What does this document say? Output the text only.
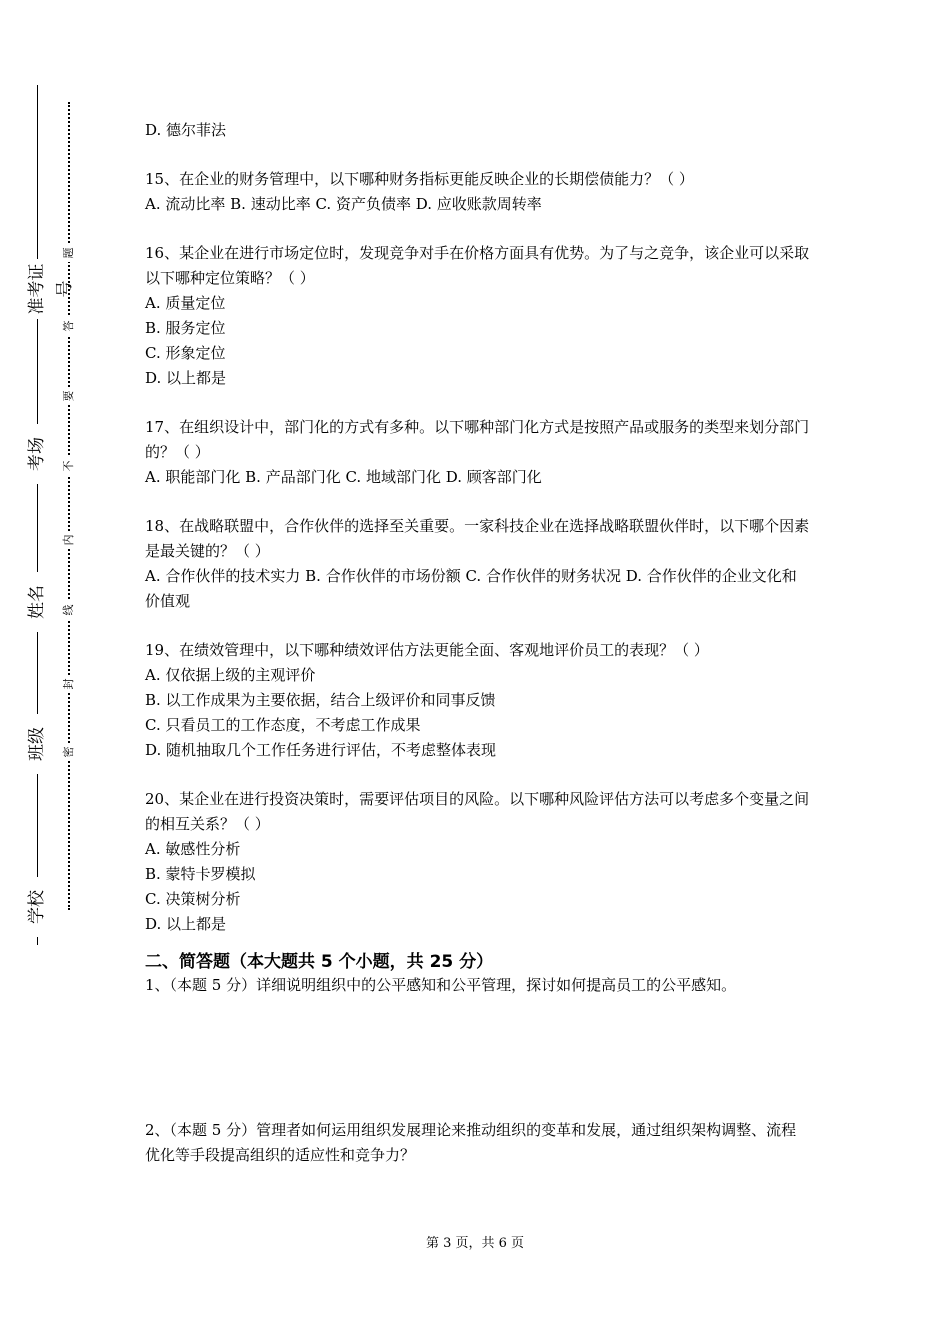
准考证号
考场
姓名
班级
学校
题
答
要
不
内
线
封
密
D. 德尔菲法
15、在企业的财务管理中，以下哪种财务指标更能反映企业的长期偿债能力？（ ）
A. 流动比率 B. 速动比率 C. 资产负债率 D. 应收账款周转率
16、某企业在进行市场定位时，发现竞争对手在价格方面具有优势。为了与之竞争，该企业可以采取以下哪种定位策略？（ ）
A. 质量定位
B. 服务定位
C. 形象定位
D. 以上都是
17、在组织设计中，部门化的方式有多种。以下哪种部门化方式是按照产品或服务的类型来划分部门的？（ ）
A. 职能部门化 B. 产品部门化 C. 地域部门化 D. 顾客部门化
18、在战略联盟中，合作伙伴的选择至关重要。一家科技企业在选择战略联盟伙伴时，以下哪个因素是最关键的？（ ）
A. 合作伙伴的技术实力 B. 合作伙伴的市场份额 C. 合作伙伴的财务状况 D. 合作伙伴的企业文化和价值观
19、在绩效管理中，以下哪种绩效评估方法更能全面、客观地评价员工的表现？（ ）
A. 仅依据上级的主观评价
B. 以工作成果为主要依据，结合上级评价和同事反馈
C. 只看员工的工作态度，不考虑工作成果
D. 随机抽取几个工作任务进行评估，不考虑整体表现
20、某企业在进行投资决策时，需要评估项目的风险。以下哪种风险评估方法可以考虑多个变量之间的相互关系？（ ）
A. 敏感性分析
B. 蒙特卡罗模拟
C. 决策树分析
D. 以上都是
二、简答题（本大题共 5 个小题，共 25 分）
1、（本题 5 分）详细说明组织中的公平感知和公平管理，探讨如何提高员工的公平感知。
2、（本题 5 分）管理者如何运用组织发展理论来推动组织的变革和发展，通过组织架构调整、流程优化等手段提高组织的适应性和竞争力？
第 3 页，共 6 页
